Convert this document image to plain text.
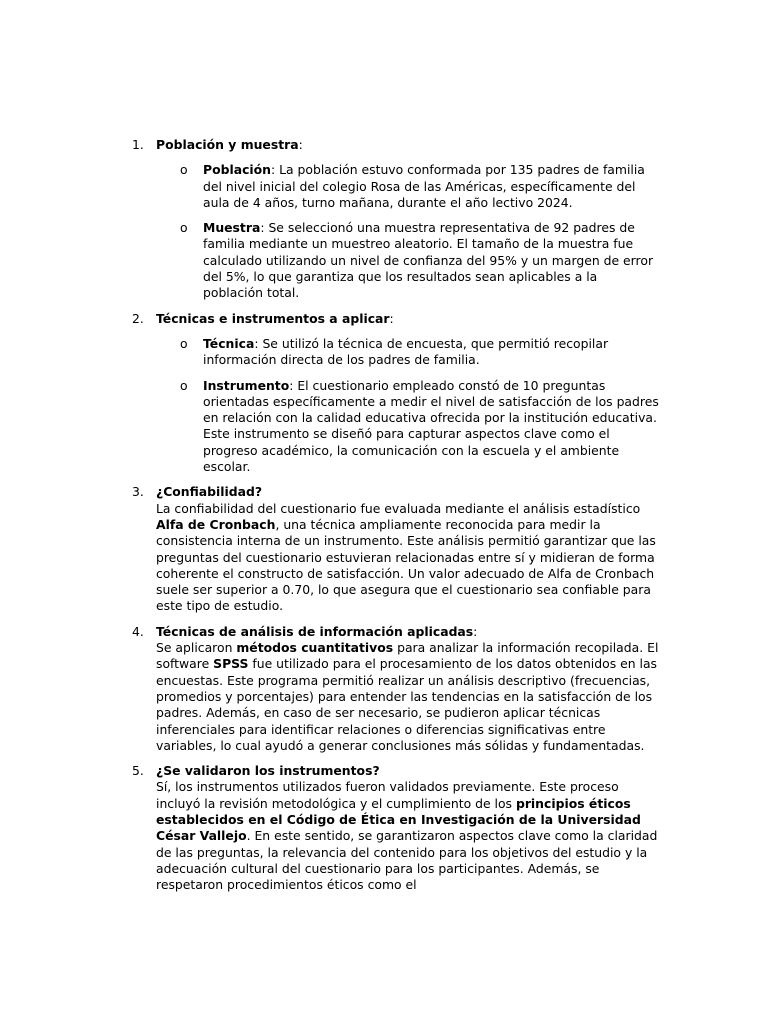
1. Población y muestra:

o Población: La población estuvo conformada por 135 padres de familia del nivel inicial del colegio Rosa de las Américas, específicamente del aula de 4 años, turno mañana, durante el año lectivo 2024.

o Muestra: Se seleccionó una muestra representativa de 92 padres de familia mediante un muestreo aleatorio. El tamaño de la muestra fue calculado utilizando un nivel de confianza del 95% y un margen de error del 5%, lo que garantiza que los resultados sean aplicables a la población total.

2. Técnicas e instrumentos a aplicar:

o Técnica: Se utilizó la técnica de encuesta, que permitió recopilar información directa de los padres de familia.

o Instrumento: El cuestionario empleado constó de 10 preguntas orientadas específicamente a medir el nivel de satisfacción de los padres en relación con la calidad educativa ofrecida por la institución educativa. Este instrumento se diseñó para capturar aspectos clave como el progreso académico, la comunicación con la escuela y el ambiente escolar.

3. ¿Confiabilidad?

La confiabilidad del cuestionario fue evaluada mediante el análisis estadístico Alfa de Cronbach, una técnica ampliamente reconocida para medir la consistencia interna de un instrumento. Este análisis permitió garantizar que las preguntas del cuestionario estuvieran relacionadas entre sí y midieran de forma coherente el constructo de satisfacción. Un valor adecuado de Alfa de Cronbach suele ser superior a 0.70, lo que asegura que el cuestionario sea confiable para este tipo de estudio.

4. Técnicas de análisis de información aplicadas:

Se aplicaron métodos cuantitativos para analizar la información recopilada. El software SPSS fue utilizado para el procesamiento de los datos obtenidos en las encuestas. Este programa permitió realizar un análisis descriptivo (frecuencias, promedios y porcentajes) para entender las tendencias en la satisfacción de los padres. Además, en caso de ser necesario, se pudieron aplicar técnicas inferenciales para identificar relaciones o diferencias significativas entre variables, lo cual ayudó a generar conclusiones más sólidas y fundamentadas.

5. ¿Se validaron los instrumentos?

Sí, los instrumentos utilizados fueron validados previamente. Este proceso incluyó la revisión metodológica y el cumplimiento de los principios éticos establecidos en el Código de Ética en Investigación de la Universidad César Vallejo. En este sentido, se garantizaron aspectos clave como la claridad de las preguntas, la relevancia del contenido para los objetivos del estudio y la adecuación cultural del cuestionario para los participantes. Además, se respetaron procedimientos éticos como el
